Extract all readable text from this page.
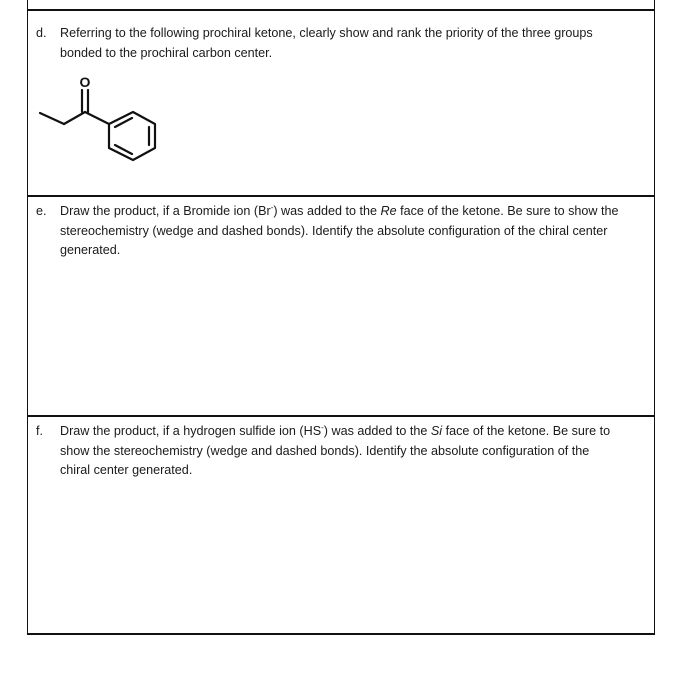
d. Referring to the following prochiral ketone, clearly show and rank the priority of the three groups
bonded to the prochiral carbon center.
O
e. Draw the product, if a Bromide ion (Br-) was added to the Re face of the ketone. Be sure to show the
stereochemistry (wedge and dashed bonds). Identify the absolute configuration of the chiral center
generated.
f. Draw the product, if a hydrogen sulfide ion (HS-) was added to the Si face of the ketone. Be sure to
show the stereochemistry (wedge and dashed bonds). Identify the absolute configuration of the
chiral center generated.
